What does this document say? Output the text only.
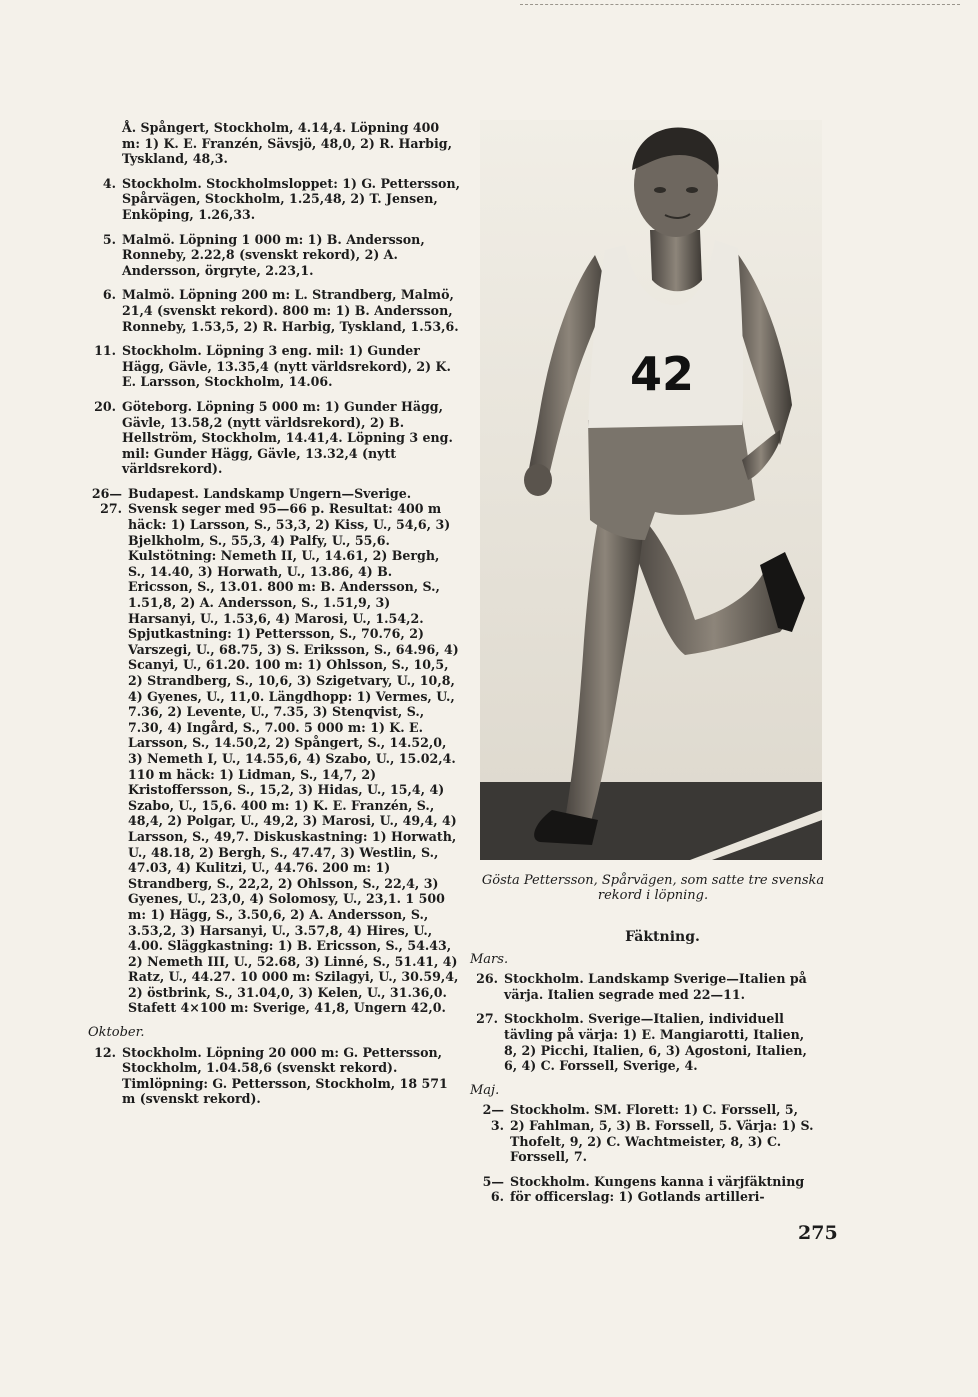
Å. Spångert, Stockholm, 4.14,4. Löpning 400 m: 1) K. E. Franzén, Sävsjö, 48,0, 2) R. Harbig, Tyskland, 48,3.
4. Stockholm. Stockholmsloppet: 1) G. Pettersson, Spårvägen, Stockholm, 1.25,48, 2) T. Jensen, Enköping, 1.26,33.
5. Malmö. Löpning 1 000 m: 1) B. Andersson, Ronneby, 2.22,8 (svenskt rekord), 2) A. Andersson, örgryte, 2.23,1.
6. Malmö. Löpning 200 m: L. Strandberg, Malmö, 21,4 (svenskt rekord). 800 m: 1) B. Andersson, Ronneby, 1.53,5, 2) R. Harbig, Tyskland, 1.53,6.
11. Stockholm. Löpning 3 eng. mil: 1) Gunder Hägg, Gävle, 13.35,4 (nytt världsrekord), 2) K. E. Larsson, Stockholm, 14.06.
20. Göteborg. Löpning 5 000 m: 1) Gunder Hägg, Gävle, 13.58,2 (nytt världsrekord), 2) B. Hellström, Stockholm, 14.41,4. Löpning 3 eng. mil: Gunder Hägg, Gävle, 13.32,4 (nytt världsrekord).
26—27.
Budapest. Landskamp Ungern—Sverige. Svensk seger med 95—66 p. Resultat: 400 m häck: 1) Larsson, S., 53,3, 2) Kiss, U., 54,6, 3) Bjelkholm, S., 55,3, 4) Palfy, U., 55,6. Kulstötning: Nemeth II, U., 14.61, 2) Bergh, S., 14.40, 3) Horwath, U., 13.86, 4) B. Ericsson, S., 13.01. 800 m: B. Andersson, S., 1.51,8, 2) A. Andersson, S., 1.51,9, 3) Harsanyi, U., 1.53,6, 4) Marosi, U., 1.54,2. Spjutkastning: 1) Pettersson, S., 70.76, 2) Varszegi, U., 68.75, 3) S. Eriksson, S., 64.96, 4) Scanyi, U., 61.20. 100 m: 1) Ohlsson, S., 10,5, 2) Strandberg, S., 10,6, 3) Szigetvary, U., 10,8, 4) Gyenes, U., 11,0. Längdhopp: 1) Vermes, U., 7.36, 2) Levente, U., 7.35, 3) Stenqvist, S., 7.30, 4) Ingård, S., 7.00. 5 000 m: 1) K. E. Larsson, S., 14.50,2, 2) Spångert, S., 14.52,0, 3) Nemeth I, U., 14.55,6, 4) Szabo, U., 15.02,4. 110 m häck: 1) Lidman, S., 14,7, 2) Kristoffersson, S., 15,2, 3) Hidas, U., 15,4, 4) Szabo, U., 15,6. 400 m: 1) K. E. Franzén, S., 48,4, 2) Polgar, U., 49,2, 3) Marosi, U., 49,4, 4) Larsson, S., 49,7. Diskuskastning: 1) Horwath, U., 48.18, 2) Bergh, S., 47.47, 3) Westlin, S., 47.03, 4) Kulitzi, U., 44.76. 200 m: 1) Strandberg, S., 22,2, 2) Ohlsson, S., 22,4, 3) Gyenes, U., 23,0, 4) Solomosy, U., 23,1. 1 500 m: 1) Hägg, S., 3.50,6, 2) A. Andersson, S., 3.53,2, 3) Harsanyi, U., 3.57,8, 4) Hires, U., 4.00. Släggkastning: 1) B. Ericsson, S., 54.43, 2) Nemeth III, U., 52.68, 3) Linné, S., 51.41, 4) Ratz, U., 44.27. 10 000 m: Szilagyi, U., 30.59,4, 2) östbrink, S., 31.04,0, 3) Kelen, U., 31.36,0. Stafett 4×100 m: Sverige, 41,8, Ungern 42,0.
Oktober.
12. Stockholm. Löpning 20 000 m: G. Pettersson, Stockholm, 1.04.58,6 (svenskt rekord). Timlöpning: G. Pettersson, Stockholm, 18 571 m (svenskt rekord).
42
Gösta Pettersson, Spårvägen, som satte tre svenska rekord i löpning.
Fäktning.
Mars.
26. Stockholm. Landskamp Sverige—Italien på värja. Italien segrade med 22—11.
27. Stockholm. Sverige—Italien, individuell tävling på värja: 1) E. Mangiarotti, Italien, 8, 2) Picchi, Italien, 6, 3) Agostoni, Italien, 6, 4) C. Forssell, Sverige, 4.
Maj.
2—3.
Stockholm. SM. Florett: 1) C. Forssell, 5, 2) Fahlman, 5, 3) B. Forssell, 5. Värja: 1) S. Thofelt, 9, 2) C. Wachtmeister, 8, 3) C. Forssell, 7.
5—6.
Stockholm. Kungens kanna i värjfäktning för officerslag: 1) Gotlands artilleri-
275
